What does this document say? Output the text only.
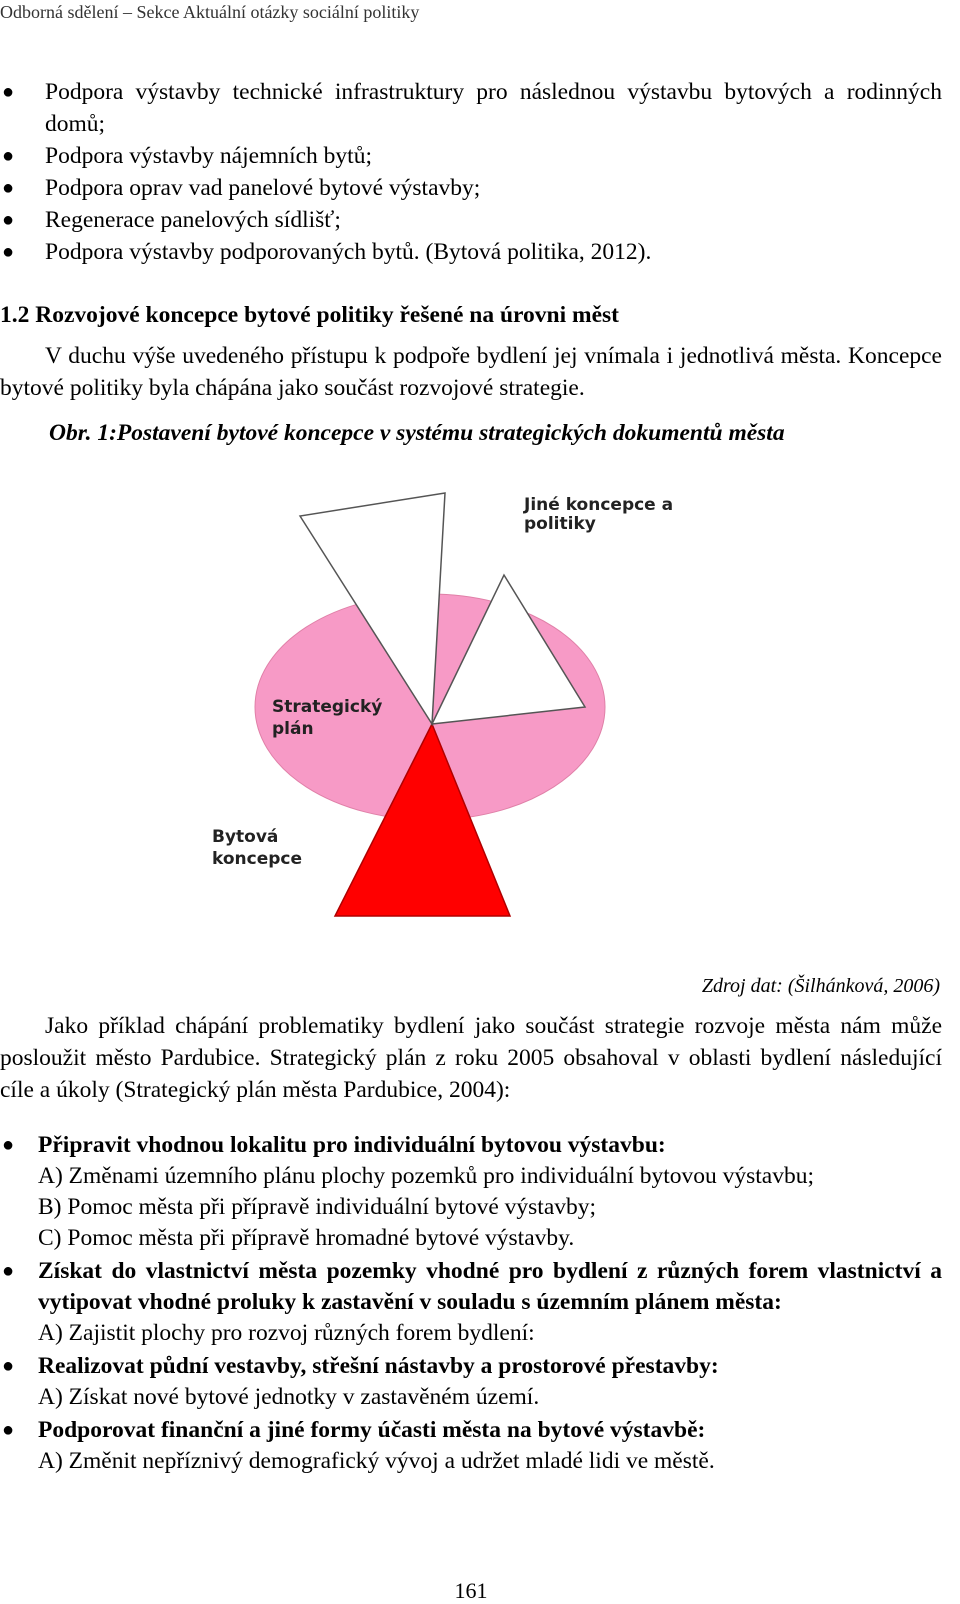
Odborná sdělení – Sekce Aktuální otázky sociální politiky
● Podpora výstavby technické infrastruktury pro následnou výstavbu bytových a rodinných domů;
● Podpora výstavby nájemních bytů;
● Podpora oprav vad panelové bytové výstavby;
● Regenerace panelových sídlišť;
● Podpora výstavby podporovaných bytů. (Bytová politika, 2012).
1.2 Rozvojové koncepce bytové politiky řešené na úrovni měst
V duchu výše uvedeného přístupu k podpoře bydlení jej vnímala i jednotlivá města. Koncepce bytové politiky byla chápána jako součást rozvojové strategie.
Obr. 1:Postavení bytové koncepce v systému strategických dokumentů města
Jiné koncepce a
politiky
Strategický
plán
Bytová
koncepce
Zdroj dat: (Šilhánková, 2006)
Jako příklad chápání problematiky bydlení jako součást strategie rozvoje města nám může posloužit město Pardubice. Strategický plán z roku 2005 obsahoval v oblasti bydlení následující cíle a úkoly (Strategický plán města Pardubice, 2004):
● Připravit vhodnou lokalitu pro individuální bytovou výstavbu:
A) Změnami územního plánu plochy pozemků pro individuální bytovou výstavbu;
B) Pomoc města při přípravě individuální bytové výstavby;
C) Pomoc města při přípravě hromadné bytové výstavby.
● Získat do vlastnictví města pozemky vhodné pro bydlení z různých forem vlastnictví a vytipovat vhodné proluky k zastavění v souladu s územním plánem města:
A) Zajistit plochy pro rozvoj různých forem bydlení:
● Realizovat půdní vestavby, střešní nástavby a prostorové přestavby:
A) Získat nové bytové jednotky v zastavěném území.
● Podporovat finanční a jiné formy účasti města na bytové výstavbě:
A) Změnit nepříznivý demografický vývoj a udržet mladé lidi ve městě.
161
